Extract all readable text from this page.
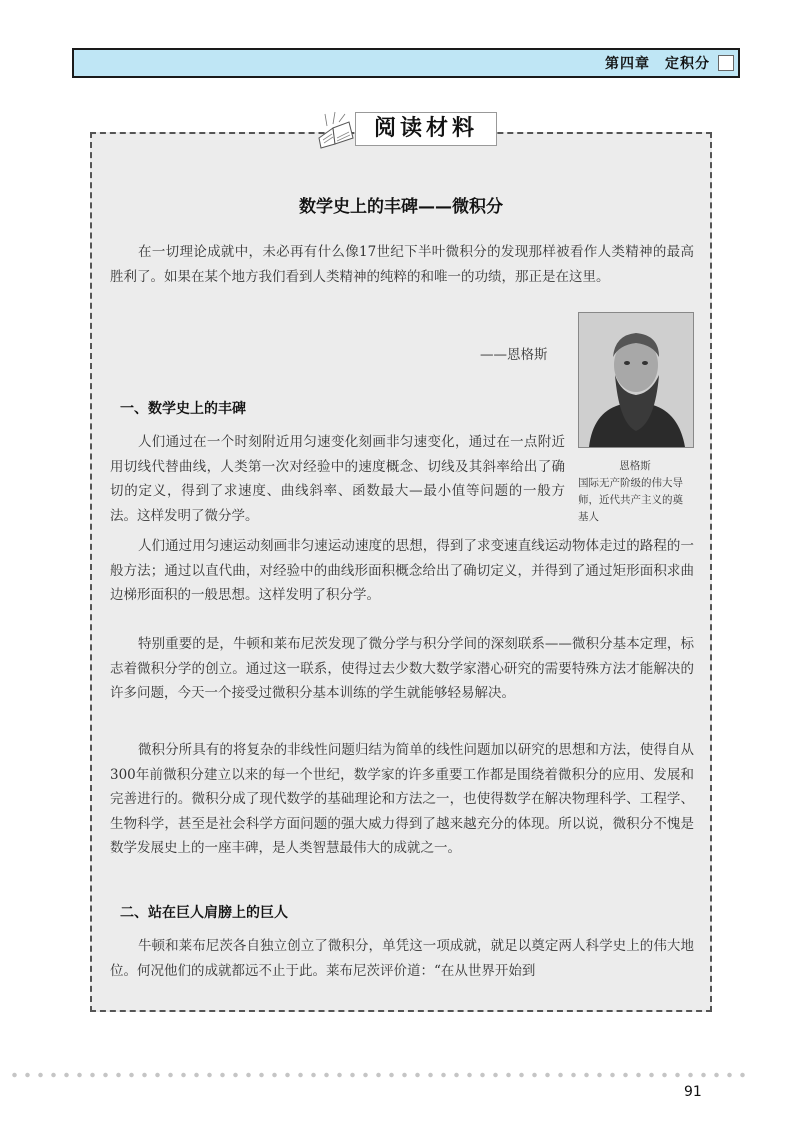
第四章　定积分
阅读材料
数学史上的丰碑——微积分
在一切理论成就中，未必再有什么像17世纪下半叶微积分的发现那样被看作人类精神的最高胜利了。如果在某个地方我们看到人类精神的纯粹的和唯一的功绩，那正是在这里。
——恩格斯
恩格斯
国际无产阶级的伟大导师，近代共产主义的奠基人
一、数学史上的丰碑
人们通过在一个时刻附近用匀速变化刻画非匀速变化，通过在一点附近用切线代替曲线，人类第一次对经验中的速度概念、切线及其斜率给出了确切的定义，得到了求速度、曲线斜率、函数最大—最小值等问题的一般方法。这样发明了微分学。
人们通过用匀速运动刻画非匀速运动速度的思想，得到了求变速直线运动物体走过的路程的一般方法；通过以直代曲，对经验中的曲线形面积概念给出了确切定义，并得到了通过矩形面积求曲边梯形面积的一般思想。这样发明了积分学。
特别重要的是，牛顿和莱布尼茨发现了微分学与积分学间的深刻联系——微积分基本定理，标志着微积分学的创立。通过这一联系，使得过去少数大数学家潜心研究的需要特殊方法才能解决的许多问题，今天一个接受过微积分基本训练的学生就能够轻易解决。
微积分所具有的将复杂的非线性问题归结为简单的线性问题加以研究的思想和方法，使得自从300年前微积分建立以来的每一个世纪，数学家的许多重要工作都是围绕着微积分的应用、发展和完善进行的。微积分成了现代数学的基础理论和方法之一，也使得数学在解决物理科学、工程学、生物科学，甚至是社会科学方面问题的强大威力得到了越来越充分的体现。所以说，微积分不愧是数学发展史上的一座丰碑，是人类智慧最伟大的成就之一。
二、站在巨人肩膀上的巨人
牛顿和莱布尼茨各自独立创立了微积分，单凭这一项成就，就足以奠定两人科学史上的伟大地位。何况他们的成就都远不止于此。莱布尼茨评价道：“在从世界开始到
91
